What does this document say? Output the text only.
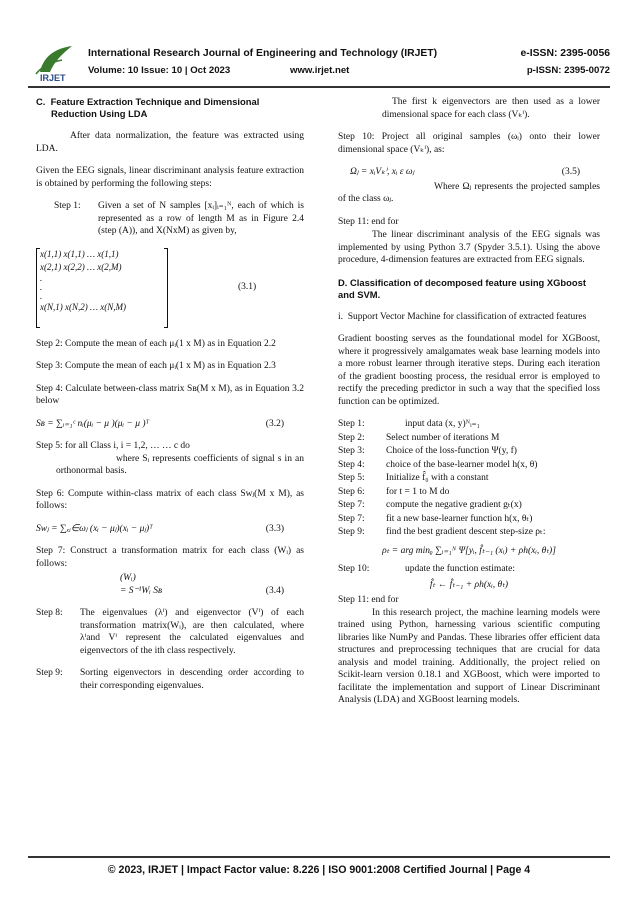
IRJET
International Research Journal of Engineering and Technology (IRJET)	e-ISSN: 2395-0056
Volume: 10 Issue: 10 | Oct 2023	www.irjet.net	p-ISSN: 2395-0072
C.  Feature Extraction Technique and Dimensional Reduction Using LDA
After data normalization, the feature was extracted using LDA.
Given the EEG signals, linear discriminant analysis feature extraction is obtained by performing the following steps:
Step 1:	Given a set of N samples [xᵢ]ᵢ₌₁ᴺ, each of which is represented as a row of length M as in Figure 2.4 (step (A)), and X(NxM) as given by,
x(1,1) x(1,1) … x(1,1)
x(2,1) x(2,2) … x(2,M)
.
.
.
x(N,1) x(N,2) … x(N,M)
(3.1)
Step 2: Compute the mean of each μᵢ(1 x M) as in Equation 2.2
Step 3: Compute the mean of each μᵢ(1 x M) as in Equation 2.3
Step 4: Calculate between-class matrix Sʙ(M x M), as in Equation 3.2 below
Sʙ = ∑ᵢ₌₁ᶜ nᵢ(μᵢ − μ )(μᵢ − μ )ᵀ	(3.2)
Step 5: for all Class i, i = 1,2, … … c do
where Sᵢ represents coefficients of signal s in an orthonormal basis.
Step 6: Compute within-class matrix of each class Swⱼ(M x M), as follows:
Swⱼ = ∑ₓᵢ∈ωⱼ (xᵢ − μⱼ)(xᵢ − μⱼ)ᵀ	(3.3)
Step 7: Construct a transformation matrix for each class (Wᵢ) as follows:
(Wᵢ)
= S⁻¹Wᵢ Sʙ	(3.4)
Step 8:	The eigenvalues (λⁱ) and eigenvector (Vⁱ) of each transformation matrix(Wᵢ), are then calculated, where λⁱand Vⁱ represent the calculated eigenvalues and eigenvectors of the ith class respectively.
Step 9:	Sorting eigenvectors in descending order according to their corresponding eigenvalues.
The first k eigenvectors are then used as a lower dimensional space for each class (Vₖⁱ).
Step 10: Project all original samples (ωᵢ) onto their lower dimensional space (Vₖⁱ), as:
Ωⱼ = xᵢVₖⁱ, xᵢ ε ωⱼ	(3.5)
Where Ωⱼ represents the projected samples of the class ωⱼ.
Step 11: end for
The linear discriminant analysis of the EEG signals was implemented by using Python 3.7 (Spyder 3.5.1). Using the above procedure, 4-dimension features are extracted from EEG signals.
D. Classification of decomposed feature using XGboost and SVM.
i.  Support Vector Machine for classification of extracted features
Gradient boosting serves as the foundational model for XGBoost, where it progressively amalgamates weak base learning models into a more robust learner through iterative steps. During each iteration of the gradient boosting process, the residual error is employed to rectify the preceding predictor in such a way that the specified loss function can be optimized.
Step 1:	input data (x, y)ᴺᵢ₌₁
Step 2:	Select number of iterations M
Step 3:	Choice of the loss-function Ψ(y, f)
Step 4:	choice of the base-learner model h(x, θ)
Step 5:	Initialize f̂₀ with a constant
Step 6:	for t = 1 to M do
Step 7:	compute the negative gradient gₜ(x)
Step 7:	fit a new base-learner function h(x, θₜ)
Step 9:	find the best gradient descent step-size ρₜ:
ρₜ = arg minᵨ ∑ᵢ₌₁ᴺ Ψ[yᵢ, f̂ₜ₋₁ (xᵢ) + ρh(xᵢ, θₜ)]
Step 10:               update the function estimate:
f̂ₜ ← f̂ₜ₋₁ + ρh(xᵢ, θₜ)
Step 11: end for
In this research project, the machine learning models were trained using Python, harnessing various scientific computing libraries like NumPy and Pandas. These libraries offer efficient data structures and preprocessing techniques that are crucial for data analysis and model training. Additionally, the project relied on Scikit-learn version 0.18.1 and XGBoost, which were imported to facilitate the implementation and support of Linear Discriminant Analysis (LDA) and XGBoost learning models.
© 2023, IRJET | Impact Factor value: 8.226 | ISO 9001:2008 Certified Journal | Page 4
